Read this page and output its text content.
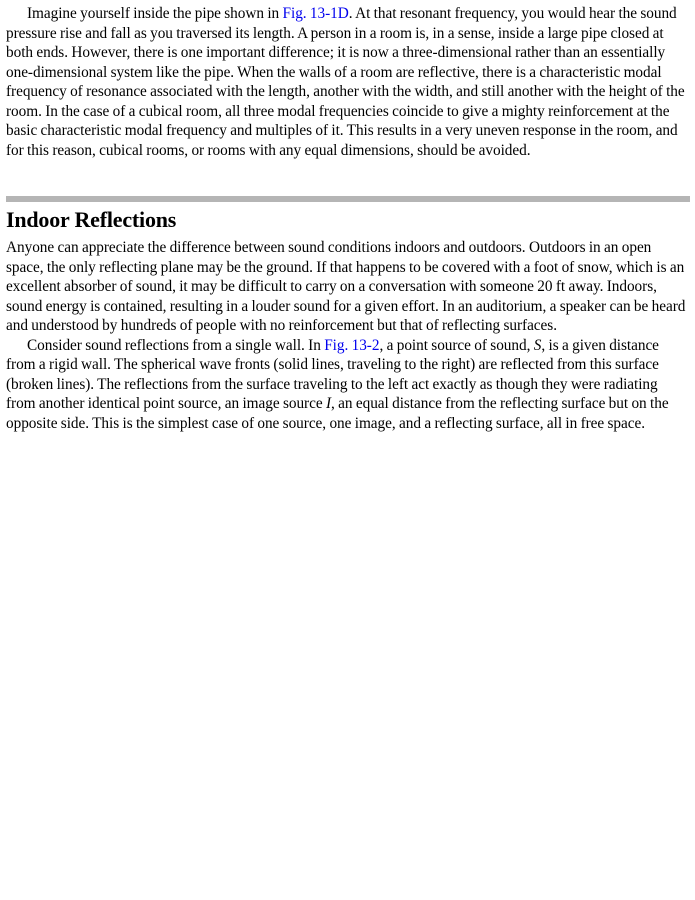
Imagine yourself inside the pipe shown in Fig. 13-1D. At that resonant frequency, you would hear the sound pressure rise and fall as you traversed its length. A person in a room is, in a sense, inside a large pipe closed at both ends. However, there is one important difference; it is now a three-dimensional rather than an essentially one-dimensional system like the pipe. When the walls of a room are reflective, there is a characteristic modal frequency of resonance associated with the length, another with the width, and still another with the height of the room. In the case of a cubical room, all three modal frequencies coincide to give a mighty reinforcement at the basic characteristic modal frequency and multiples of it. This results in a very uneven response in the room, and for this reason, cubical rooms, or rooms with any equal dimensions, should be avoided.

Indoor Reflections

Anyone can appreciate the difference between sound conditions indoors and outdoors. Outdoors in an open space, the only reflecting plane may be the ground. If that happens to be covered with a foot of snow, which is an excellent absorber of sound, it may be difficult to carry on a conversation with someone 20 ft away. Indoors, sound energy is contained, resulting in a louder sound for a given effort. In an auditorium, a speaker can be heard and understood by hundreds of people with no reinforcement but that of reflecting surfaces.

Consider sound reflections from a single wall. In Fig. 13-2, a point source of sound, S, is a given distance from a rigid wall. The spherical wave fronts (solid lines, traveling to the right) are reflected from this surface (broken lines). The reflections from the surface traveling to the left act exactly as though they were radiating from another identical point source, an image source I, an equal distance from the reflecting surface but on the opposite side. This is the simplest case of one source, one image, and a reflecting surface, all in free space.
